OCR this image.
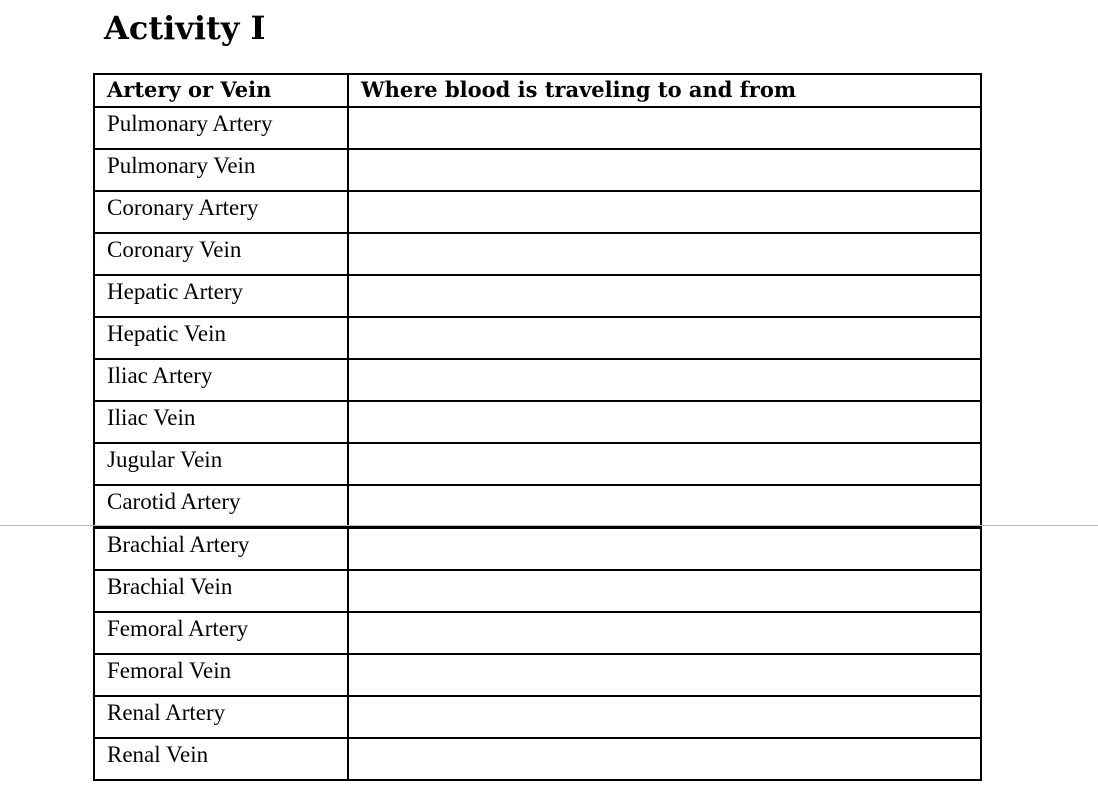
Activity I
Artery or Vein	Where blood is traveling to and from
Pulmonary Artery	
Pulmonary Vein	
Coronary Artery	
Coronary Vein	
Hepatic Artery	
Hepatic Vein	
Iliac Artery	
Iliac Vein	
Jugular Vein	
Carotid Artery	
Brachial Artery	
Brachial Vein	
Femoral Artery	
Femoral Vein	
Renal Artery	
Renal Vein	
